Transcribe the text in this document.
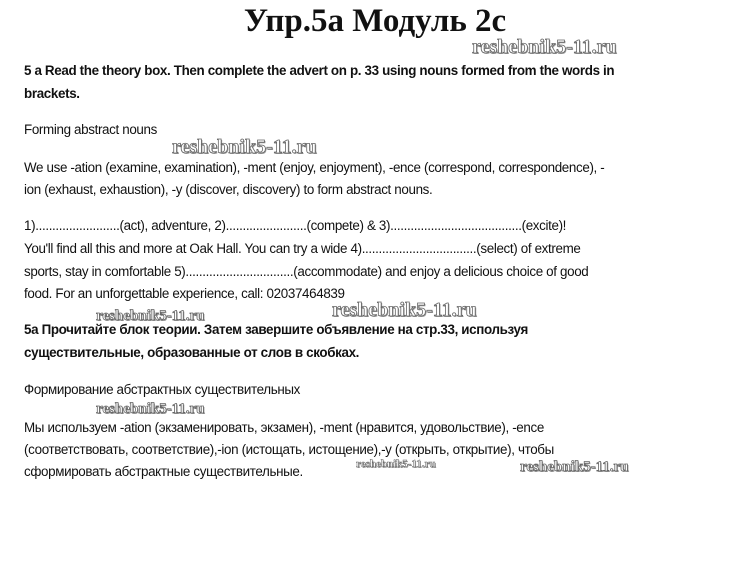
Упр.5а Модуль 2с
reshebnik5-11.ru
5 a Read the theory box. Then complete the advert on p. 33 using nouns formed from the words in
brackets.
Forming abstract nouns
reshebnik5-11.ru
We use -ation (examine, examination), -ment (enjoy, enjoyment), -ence (correspond, correspondence), -
ion (exhaust, exhaustion), -y (discover, discovery) to form abstract nouns.
1).........................(act), adventure, 2)........................(compete) & 3).......................................(excite)!
You'll find all this and more at Oak Hall. You can try a wide 4)..................................(select) of extreme
sports, stay in comfortable 5)................................(accommodate) and enjoy a delicious choice of good
food. For an unforgettable experience, call: 02037464839
reshebnik5-11.ru	reshebnik5-11.ru
5a Прочитайте блок теории. Затем завершите объявление на стр.33, используя
существительные, образованные от слов в скобках.
Формирование абстрактных существительных
reshebnik5-11.ru
Мы используем -ation (экзаменировать, экзамен), -ment (нравится, удовольствие), -ence
(соответствовать, соответствие),-ion (истощать, истощение),-y (открыть, открытие), чтобы
сформировать абстрактные существительные.	reshebnik5-11.ru	reshebnik5-11.ru
